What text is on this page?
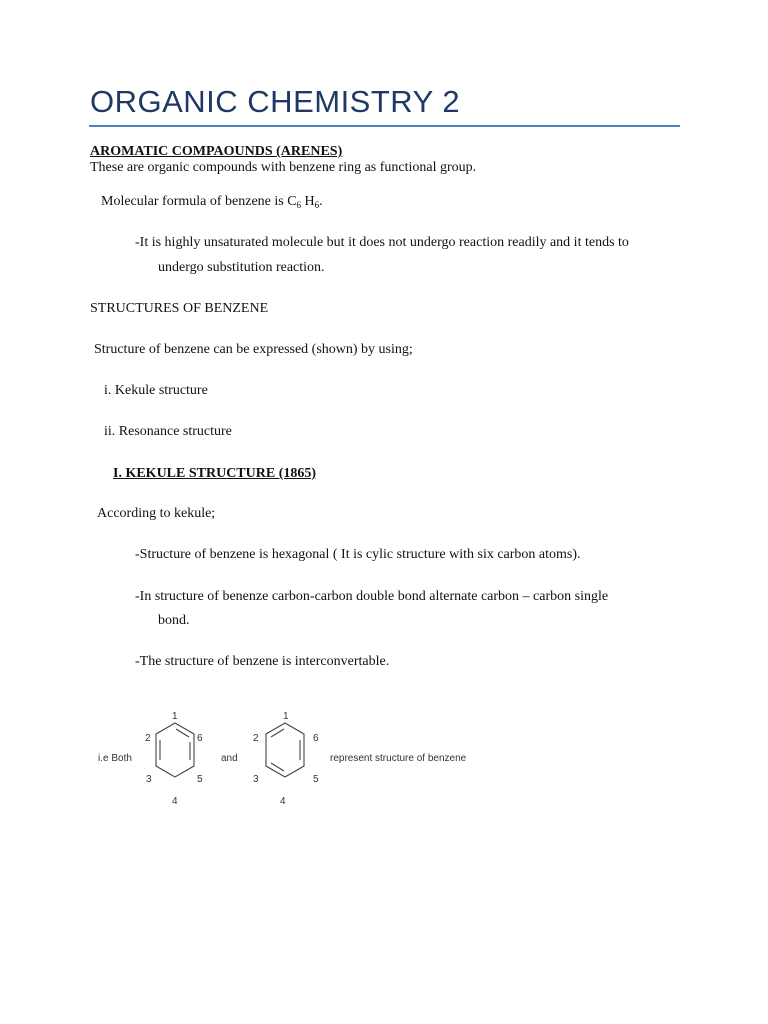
ORGANIC CHEMISTRY 2
AROMATIC COMPAOUNDS (ARENES)
These are organic compounds with benzene ring as functional group.
Molecular formula of benzene is $C_6$ $H_6$.
-It is highly unsaturated molecule but it does not undergo reaction readily and it tends to
undergo substitution reaction.
STRUCTURES OF BENZENE
Structure of benzene can be expressed (shown) by using;
i. Kekule structure
ii. Resonance structure
I. KEKULE STRUCTURE (1865)
According to kekule;
-Structure of benzene is hexagonal ( It is cylic structure with six carbon atoms).
-In structure of benenze carbon-carbon double bond alternate carbon – carbon single
bond.
-The structure of benzene is interconvertable.
i.e Both
1
2
3
4
5
6
and
1
2
3
4
5
6
represent structure of benzene
